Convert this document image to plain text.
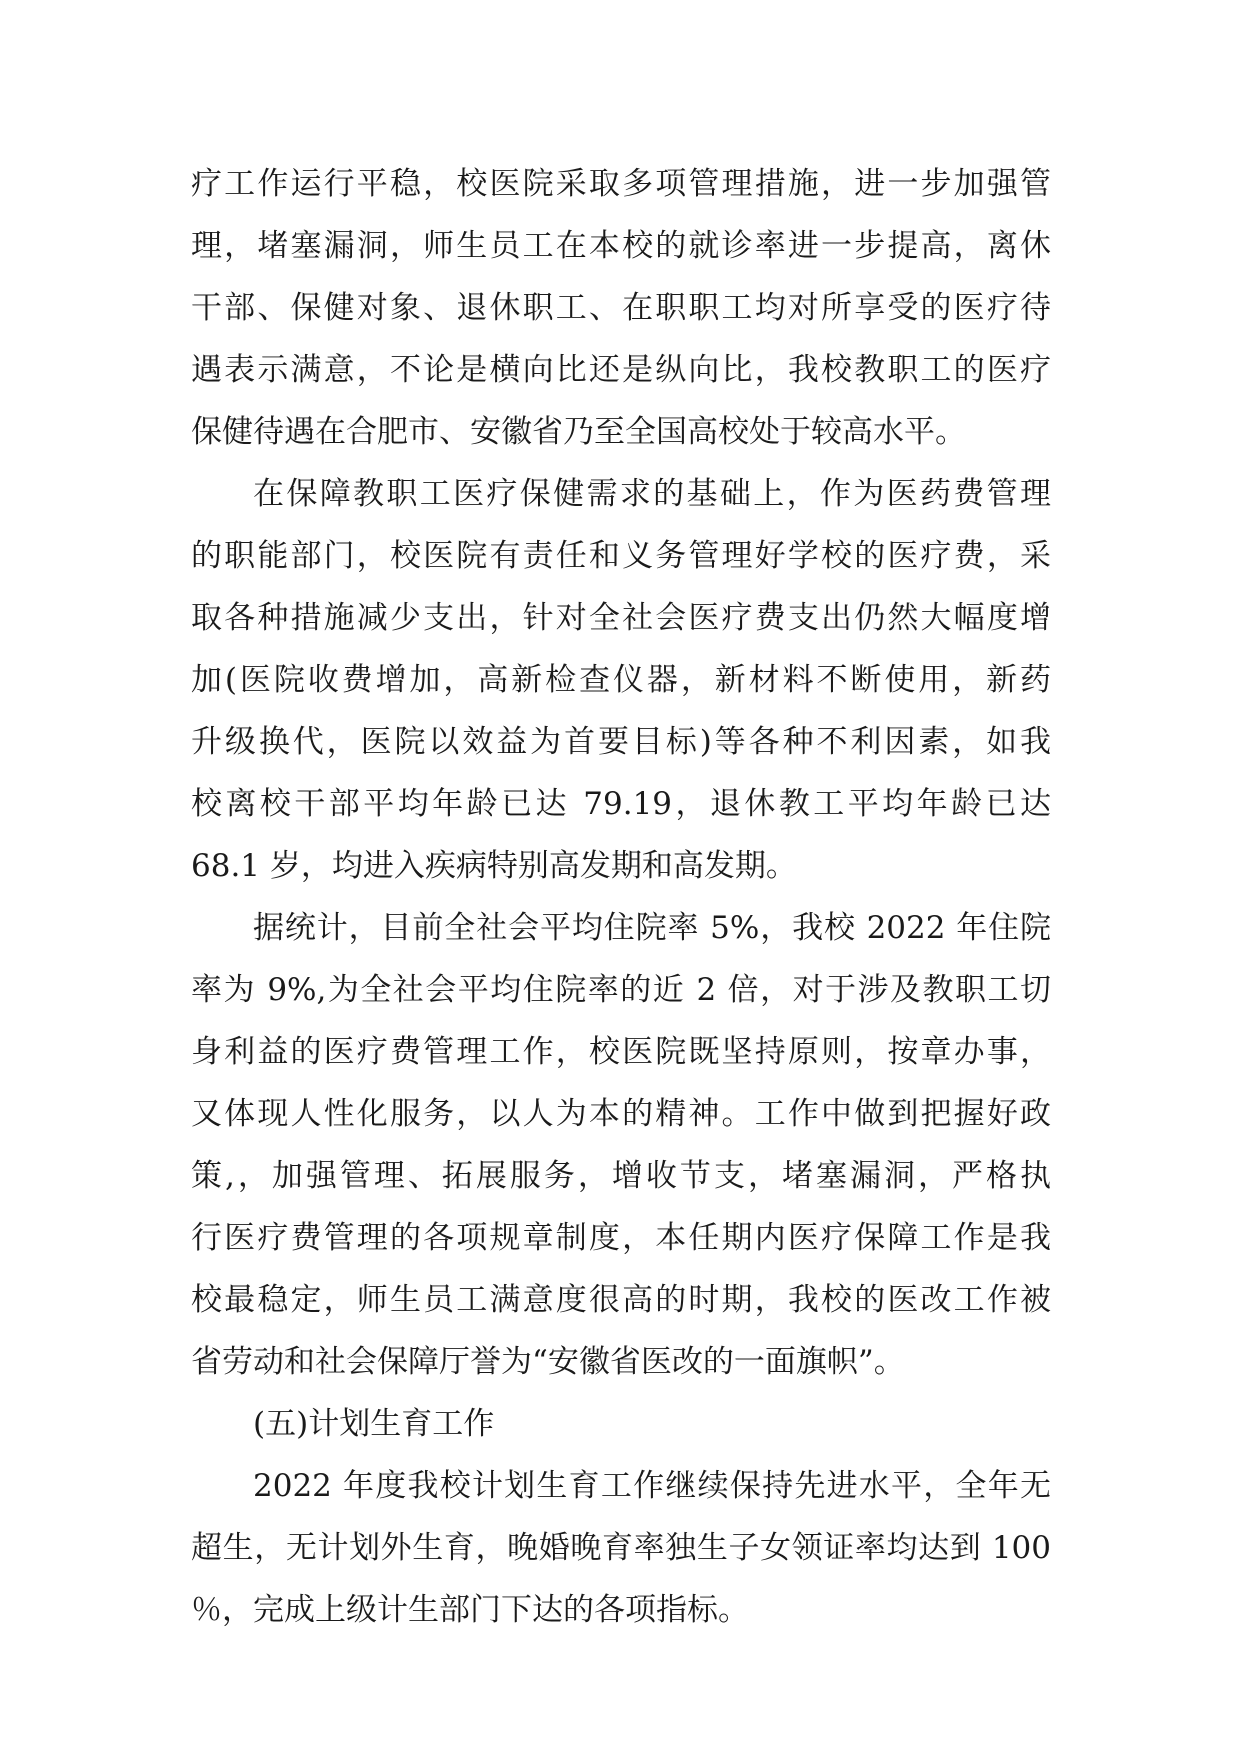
疗工作运行平稳，校医院采取多项管理措施，进一步加强管
理，堵塞漏洞，师生员工在本校的就诊率进一步提高，离休
干部、保健对象、退休职工、在职职工均对所享受的医疗待
遇表示满意，不论是横向比还是纵向比，我校教职工的医疗
保健待遇在合肥市、安徽省乃至全国高校处于较高水平。
在保障教职工医疗保健需求的基础上，作为医药费管理
的职能部门，校医院有责任和义务管理好学校的医疗费，采
取各种措施减少支出，针对全社会医疗费支出仍然大幅度增
加(医院收费增加，高新检查仪器，新材料不断使用，新药
升级换代，医院以效益为首要目标)等各种不利因素，如我
校离校干部平均年龄已达 79.19，退休教工平均年龄已达
68.1 岁，均进入疾病特别高发期和高发期。
据统计，目前全社会平均住院率 5%，我校 2022 年住院
率为 9%,为全社会平均住院率的近 2 倍，对于涉及教职工切
身利益的医疗费管理工作，校医院既坚持原则，按章办事，
又体现人性化服务，以人为本的精神。工作中做到把握好政
策,，加强管理、拓展服务，增收节支，堵塞漏洞，严格执
行医疗费管理的各项规章制度，本任期内医疗保障工作是我
校最稳定，师生员工满意度很高的时期，我校的医改工作被
省劳动和社会保障厅誉为“安徽省医改的一面旗帜”。
(五)计划生育工作
2022 年度我校计划生育工作继续保持先进水平，全年无
超生，无计划外生育，晚婚晚育率独生子女领证率均达到 100
％，完成上级计生部门下达的各项指标。
